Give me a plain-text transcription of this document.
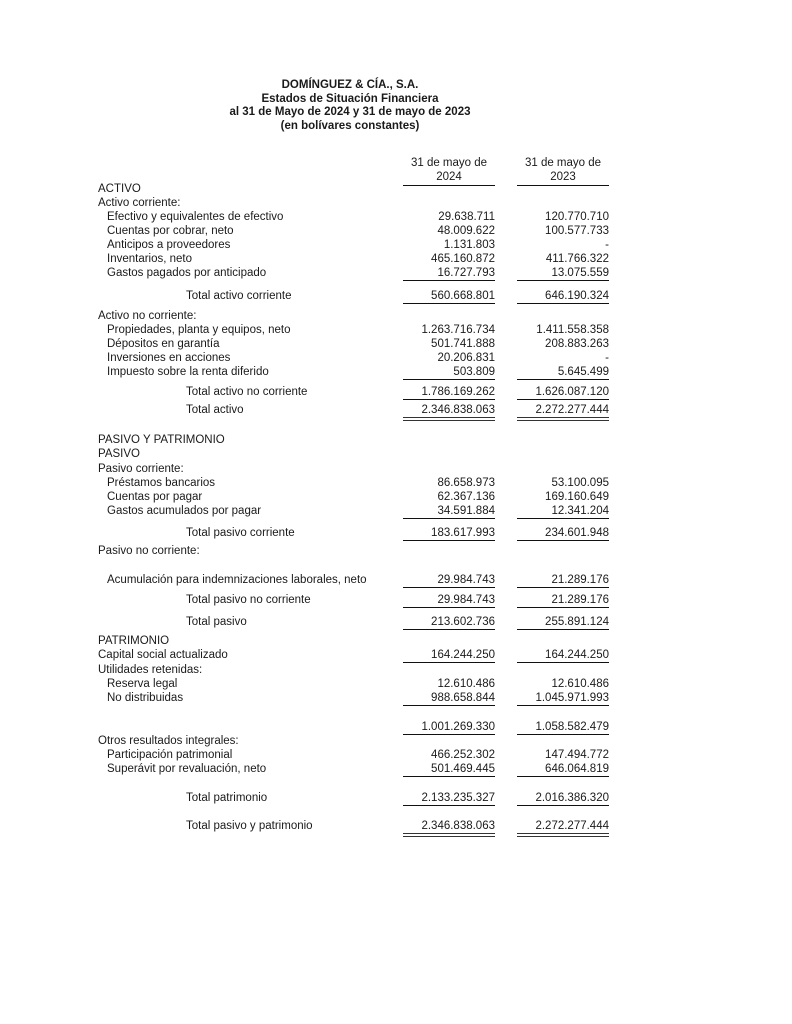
DOMÍNGUEZ & CÍA., S.A.
Estados de Situación Financiera
al 31 de Mayo de 2024 y 31 de mayo de 2023
(en bolívares constantes)
31 de mayo de
2024
31 de mayo de
2023
ACTIVO
Activo corriente:
Efectivo y equivalentes de efectivo	29.638.711	120.770.710
Cuentas por cobrar, neto	48.009.622	100.577.733
Anticipos a proveedores	1.131.803	-
Inventarios, neto	465.160.872	411.766.322
Gastos pagados por anticipado	16.727.793	13.075.559
Total activo corriente	560.668.801	646.190.324
Activo no corriente:
Propiedades, planta y equipos, neto	1.263.716.734	1.411.558.358
Dépositos en garantía	501.741.888	208.883.263
Inversiones en acciones	20.206.831	-
Impuesto sobre la renta diferido	503.809	5.645.499
Total activo no corriente	1.786.169.262	1.626.087.120
Total activo	2.346.838.063	2.272.277.444
PASIVO Y PATRIMONIO
PASIVO
Pasivo corriente:
Préstamos bancarios	86.658.973	53.100.095
Cuentas por pagar	62.367.136	169.160.649
Gastos acumulados por pagar	34.591.884	12.341.204
Total pasivo corriente	183.617.993	234.601.948
Pasivo no corriente:
Acumulación para indemnizaciones laborales, neto	29.984.743	21.289.176
Total pasivo no corriente	29.984.743	21.289.176
Total pasivo	213.602.736	255.891.124
PATRIMONIO
Capital social actualizado	164.244.250	164.244.250
Utilidades retenidas:
Reserva legal	12.610.486	12.610.486
No distribuidas	988.658.844	1.045.971.993
1.001.269.330	1.058.582.479
Otros resultados integrales:
Participación patrimonial	466.252.302	147.494.772
Superávit por revaluación, neto	501.469.445	646.064.819
Total patrimonio	2.133.235.327	2.016.386.320
Total pasivo y patrimonio	2.346.838.063	2.272.277.444
